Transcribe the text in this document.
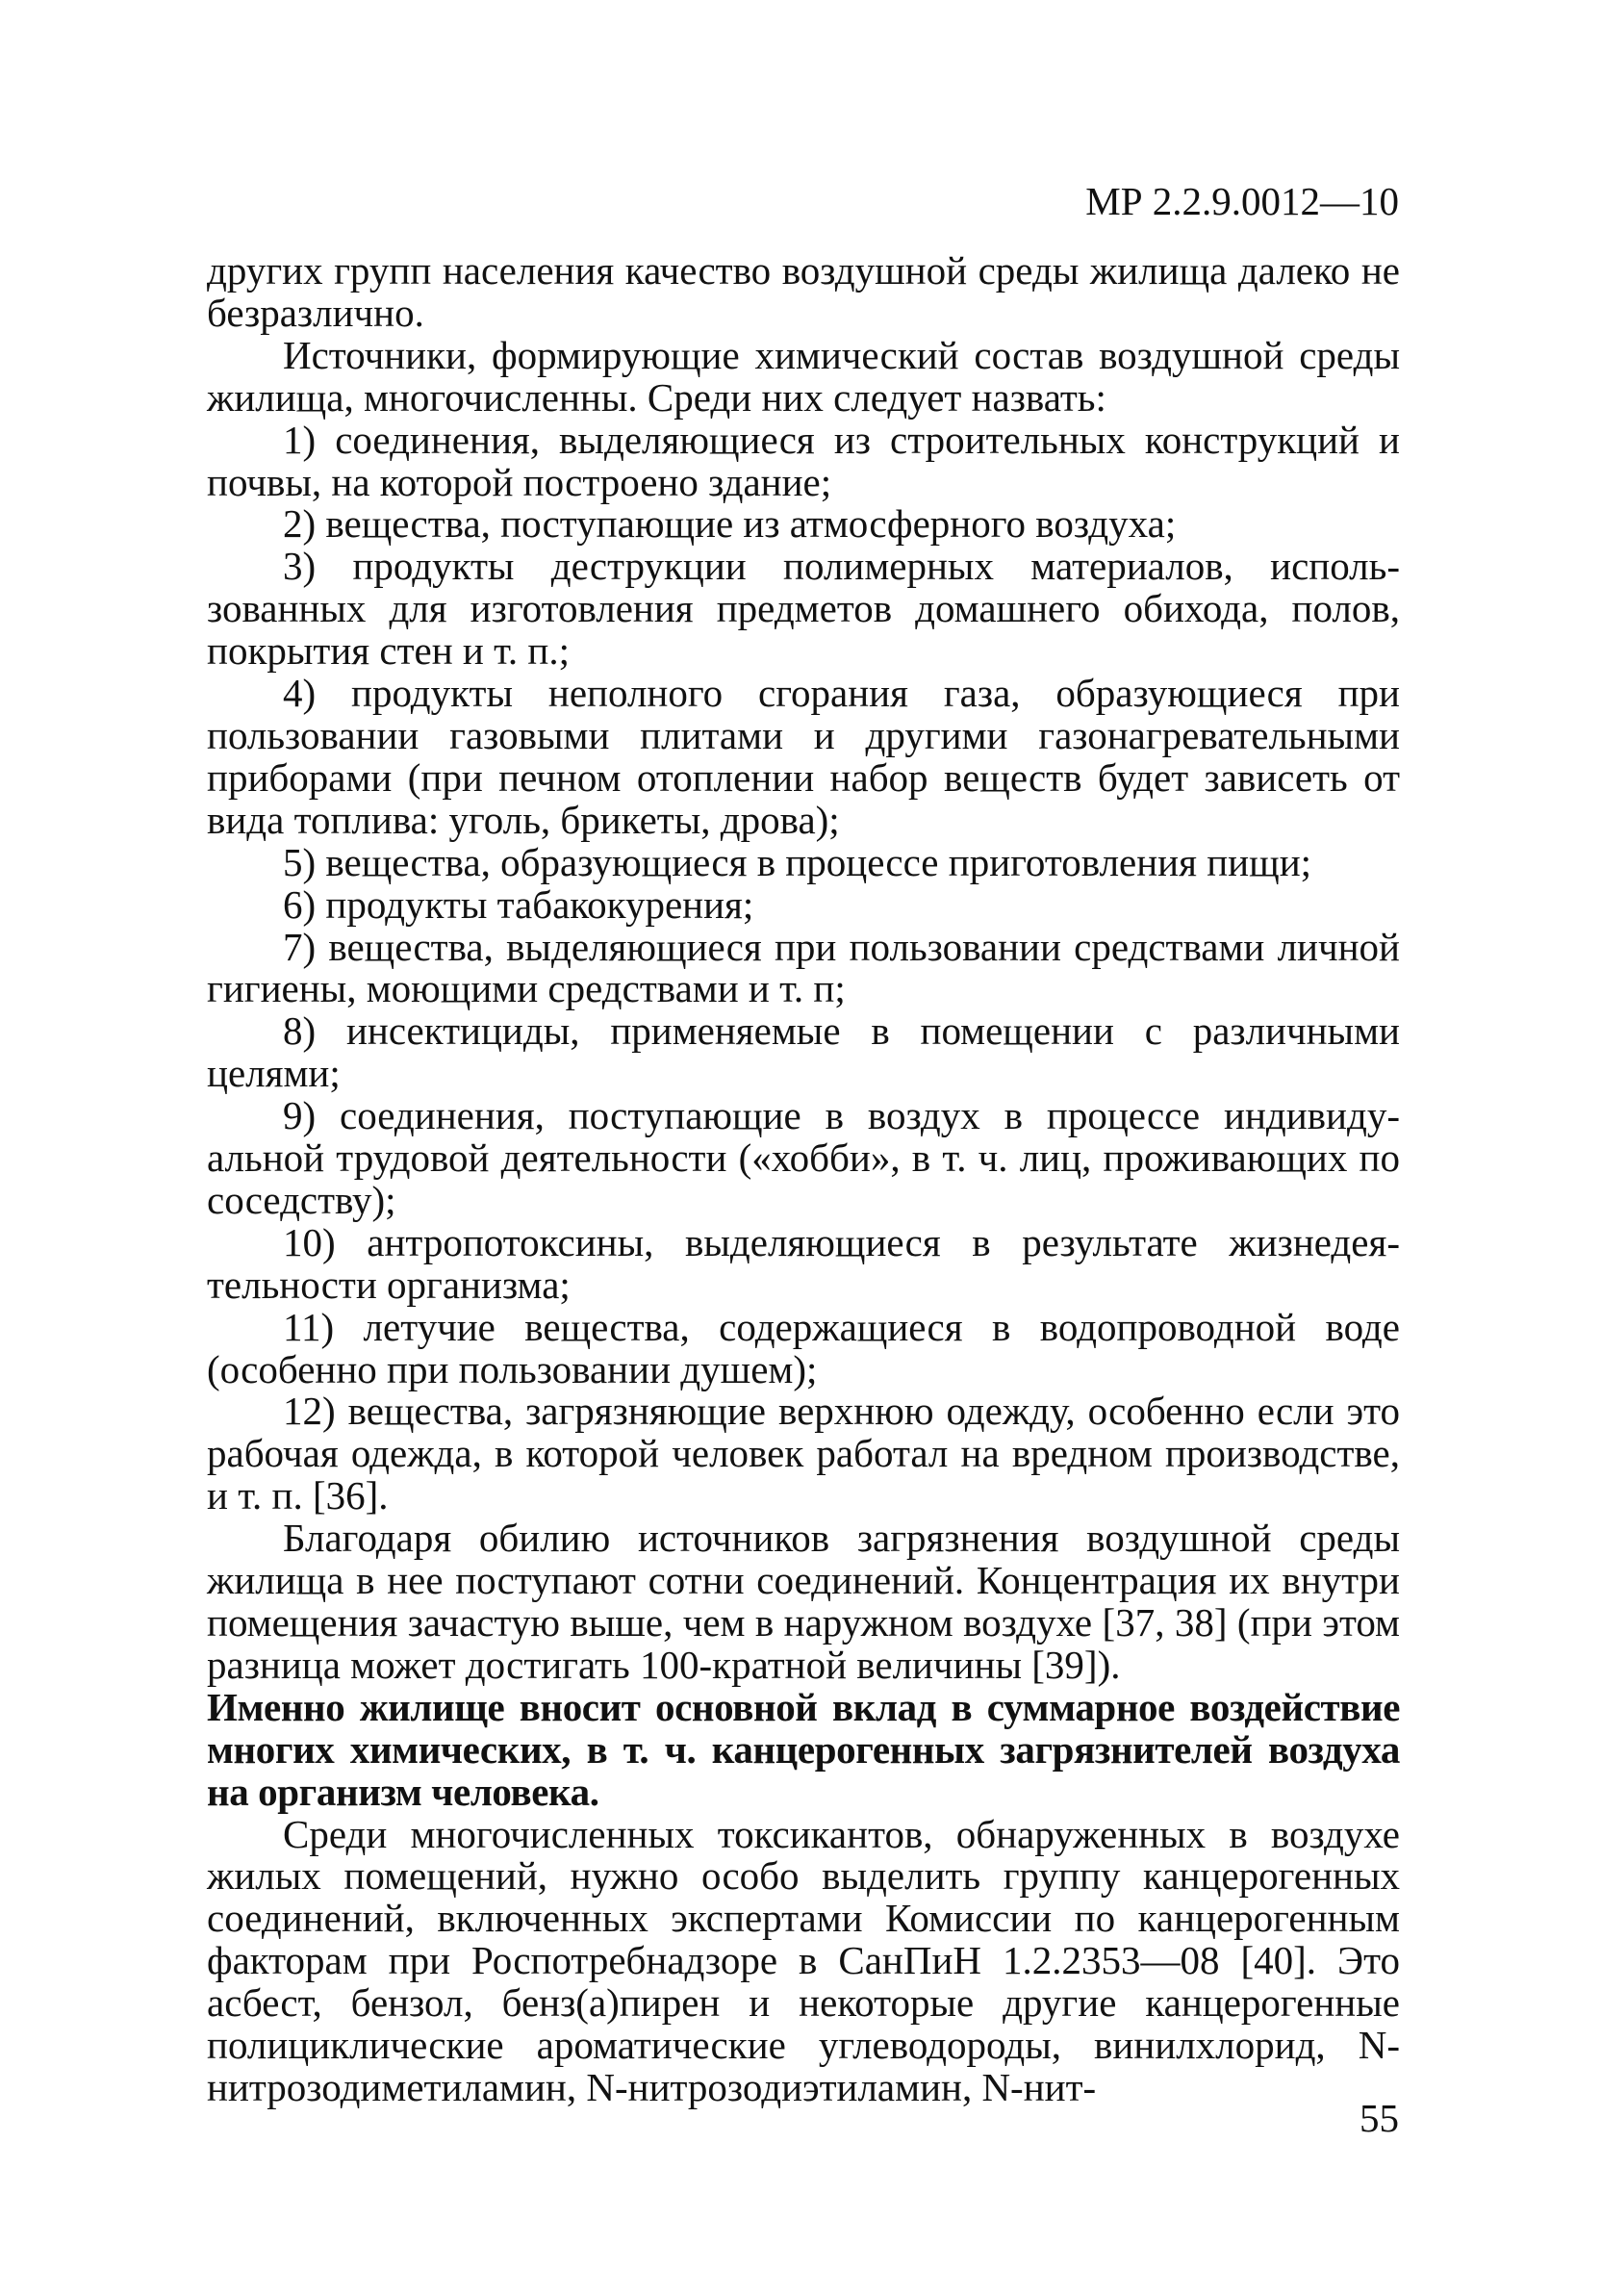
МР 2.2.9.0012—10

других групп населения качество воздушной среды жилища далеко не безразлично.

Источники, формирующие химический состав воздушной среды жилища, многочисленны. Среди них следует назвать:

1) соединения, выделяющиеся из строительных конструкций и почвы, на которой построено здание;

2) вещества, поступающие из атмосферного воздуха;

3) продукты деструкции полимерных материалов, использованных для изготовления предметов домашнего обихода, полов, покрытия стен и т. п.;

4) продукты неполного сгорания газа, образующиеся при пользовании газовыми плитами и другими газонагревательными приборами (при печном отоплении набор веществ будет зависеть от вида топлива: уголь, брикеты, дрова);

5) вещества, образующиеся в процессе приготовления пищи;

6) продукты табакокурения;

7) вещества, выделяющиеся при пользовании средствами личной гигиены, моющими средствами и т. п;

8) инсектициды, применяемые в помещении с различными целями;

9) соединения, поступающие в воздух в процессе индивидуальной трудовой деятельности («хобби», в т. ч. лиц, проживающих по соседству);

10) антропотоксины, выделяющиеся в результате жизнедеятельности организма;

11) летучие вещества, содержащиеся в водопроводной воде (особенно при пользовании душем);

12) вещества, загрязняющие верхнюю одежду, особенно если это рабочая одежда, в которой человек работал на вредном производстве, и т. п. [36].

Благодаря обилию источников загрязнения воздушной среды жилища в нее поступают сотни соединений. Концентрация их внутри помещения зачастую выше, чем в наружном воздухе [37, 38] (при этом разница может достигать 100-кратной величины [39]).

Именно жилище вносит основной вклад в суммарное воздействие многих химических, в т. ч. канцерогенных загрязнителей воздуха на организм человека.

Среди многочисленных токсикантов, обнаруженных в воздухе жилых помещений, нужно особо выделить группу канцерогенных соединений, включенных экспертами Комиссии по канцерогенным факторам при Роспотребнадзоре в СанПиН 1.2.2353—08 [40]. Это асбест, бензол, бенз(а)пирен и некоторые другие канцерогенные полициклические ароматические углеводороды, винилхлорид, N-нитрозодиметиламин, N-нитрозодиэтиламин, N-нит-

55
